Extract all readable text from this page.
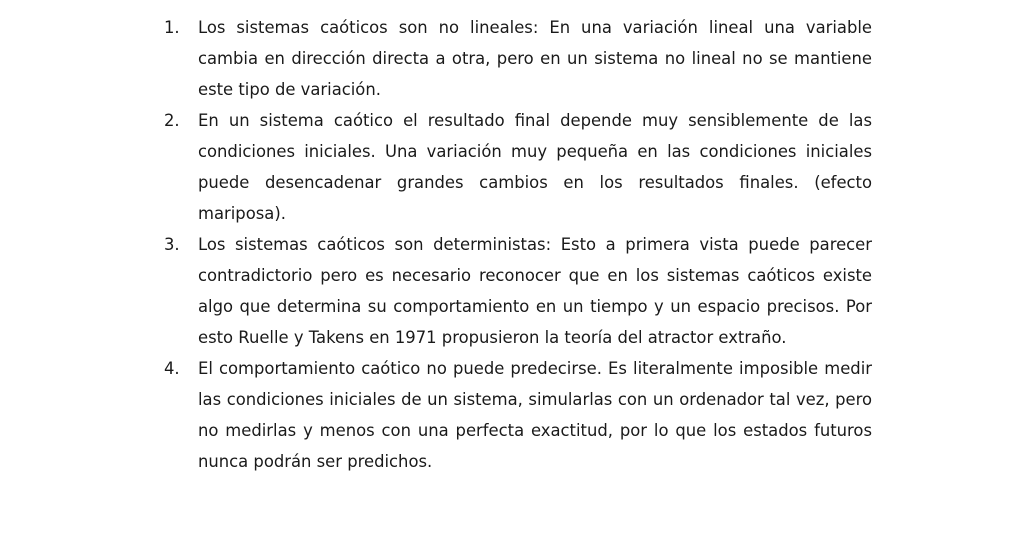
1.	Los sistemas caóticos son no lineales: En una variación lineal una variable cambia en dirección directa a otra, pero en un sistema no lineal no se mantiene este tipo de variación.
2.	En un sistema caótico el resultado final depende muy sensiblemente de las condiciones iniciales. Una variación muy pequeña en las condiciones iniciales puede desencadenar grandes cambios en los resultados finales. (efecto mariposa).
3.	Los sistemas caóticos son deterministas: Esto a primera vista puede parecer contradictorio pero es necesario reconocer que en los sistemas caóticos existe algo que determina su comportamiento en un tiempo y un espacio precisos. Por esto Ruelle y Takens en 1971 propusieron la teoría del atractor extraño.
4.	El comportamiento caótico no puede predecirse. Es literalmente imposible medir las condiciones iniciales de un sistema, simularlas con un ordenador tal vez, pero no medirlas y menos con una perfecta exactitud, por lo que los estados futuros nunca podrán ser predichos.
